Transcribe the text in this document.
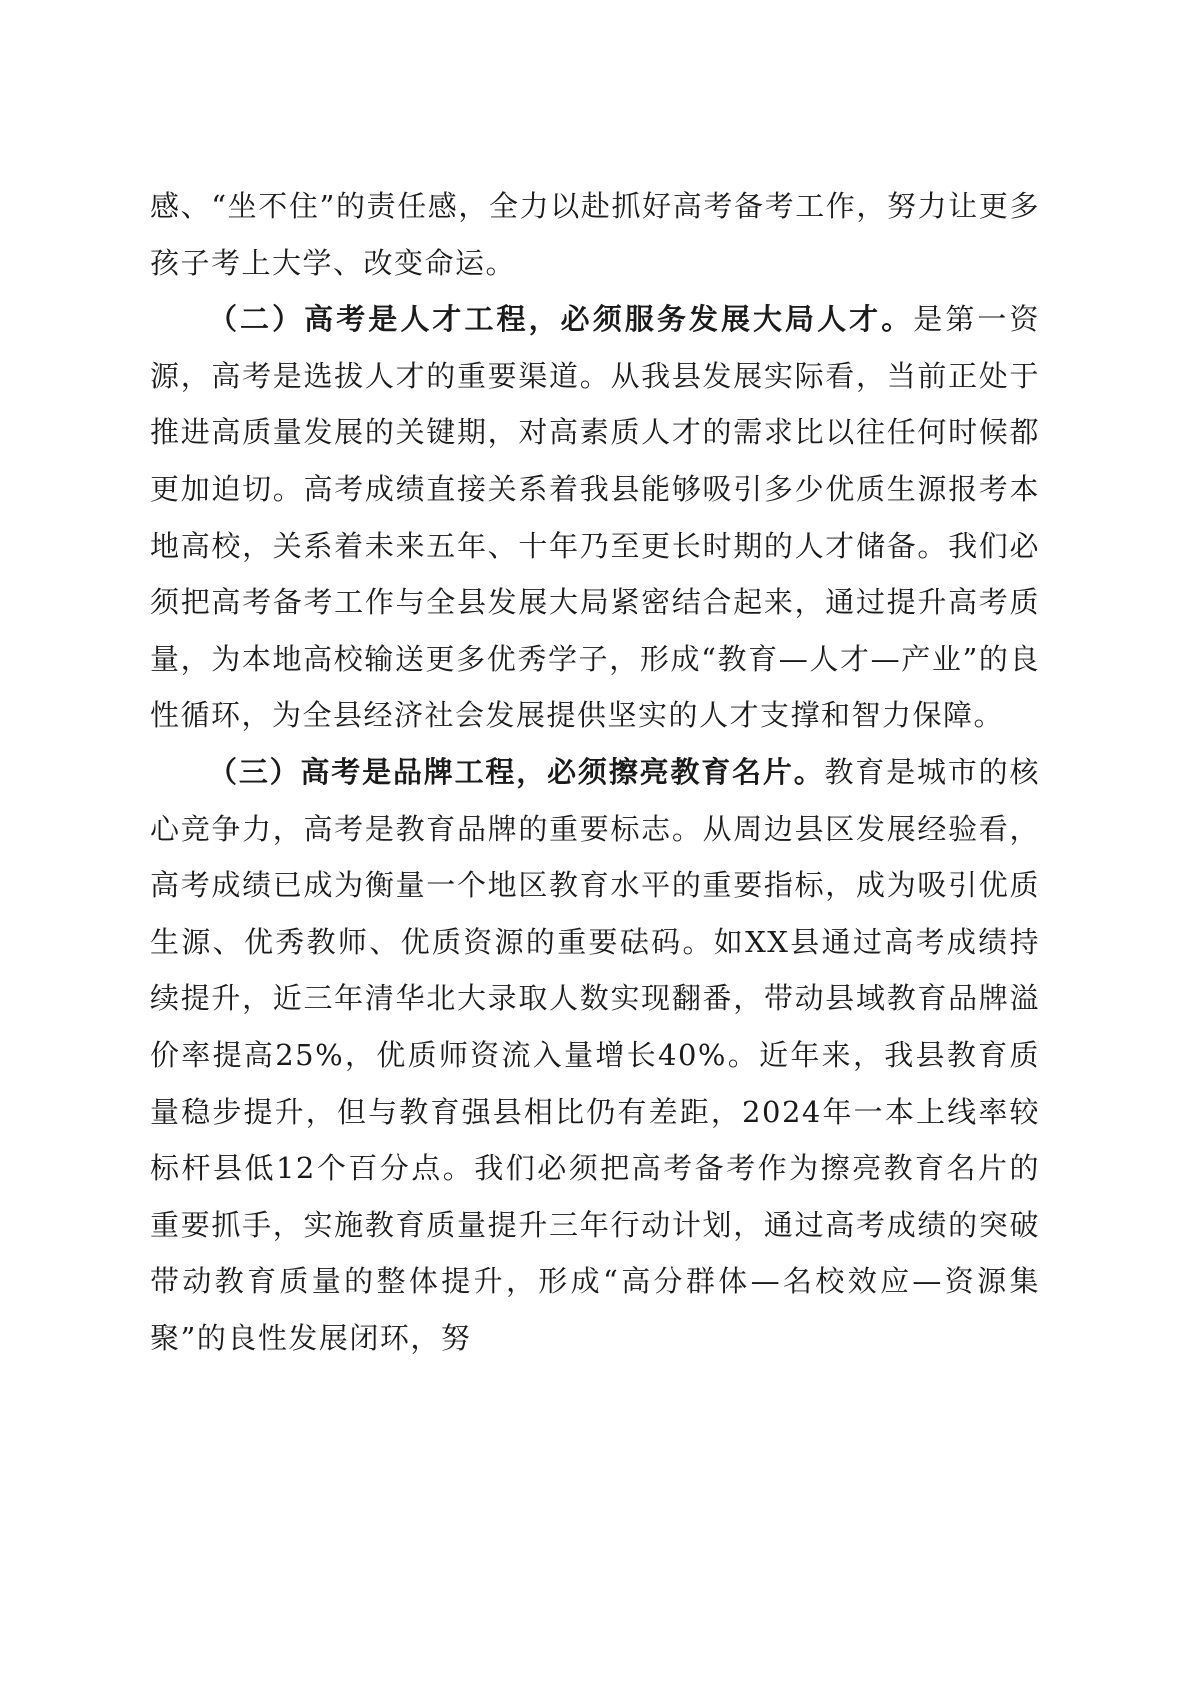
感、“坐不住”的责任感，全力以赴抓好高考备考工作，努力让更多孩子考上大学、改变命运。

（二）高考是人才工程，必须服务发展大局人才。是第一资源，高考是选拔人才的重要渠道。从我县发展实际看，当前正处于推进高质量发展的关键期，对高素质人才的需求比以往任何时候都更加迫切。高考成绩直接关系着我县能够吸引多少优质生源报考本地高校，关系着未来五年、十年乃至更长时期的人才储备。我们必须把高考备考工作与全县发展大局紧密结合起来，通过提升高考质量，为本地高校输送更多优秀学子，形成“教育—人才—产业”的良性循环，为全县经济社会发展提供坚实的人才支撑和智力保障。

（三）高考是品牌工程，必须擦亮教育名片。教育是城市的核心竞争力，高考是教育品牌的重要标志。从周边县区发展经验看，高考成绩已成为衡量一个地区教育水平的重要指标，成为吸引优质生源、优秀教师、优质资源的重要砝码。如XX县通过高考成绩持续提升，近三年清华北大录取人数实现翻番，带动县域教育品牌溢价率提高25%，优质师资流入量增长40%。近年来，我县教育质量稳步提升，但与教育强县相比仍有差距，2024年一本上线率较标杆县低12个百分点。我们必须把高考备考作为擦亮教育名片的重要抓手，实施教育质量提升三年行动计划，通过高考成绩的突破带动教育质量的整体提升，形成“高分群体—名校效应—资源集聚”的良性发展闭环，努
